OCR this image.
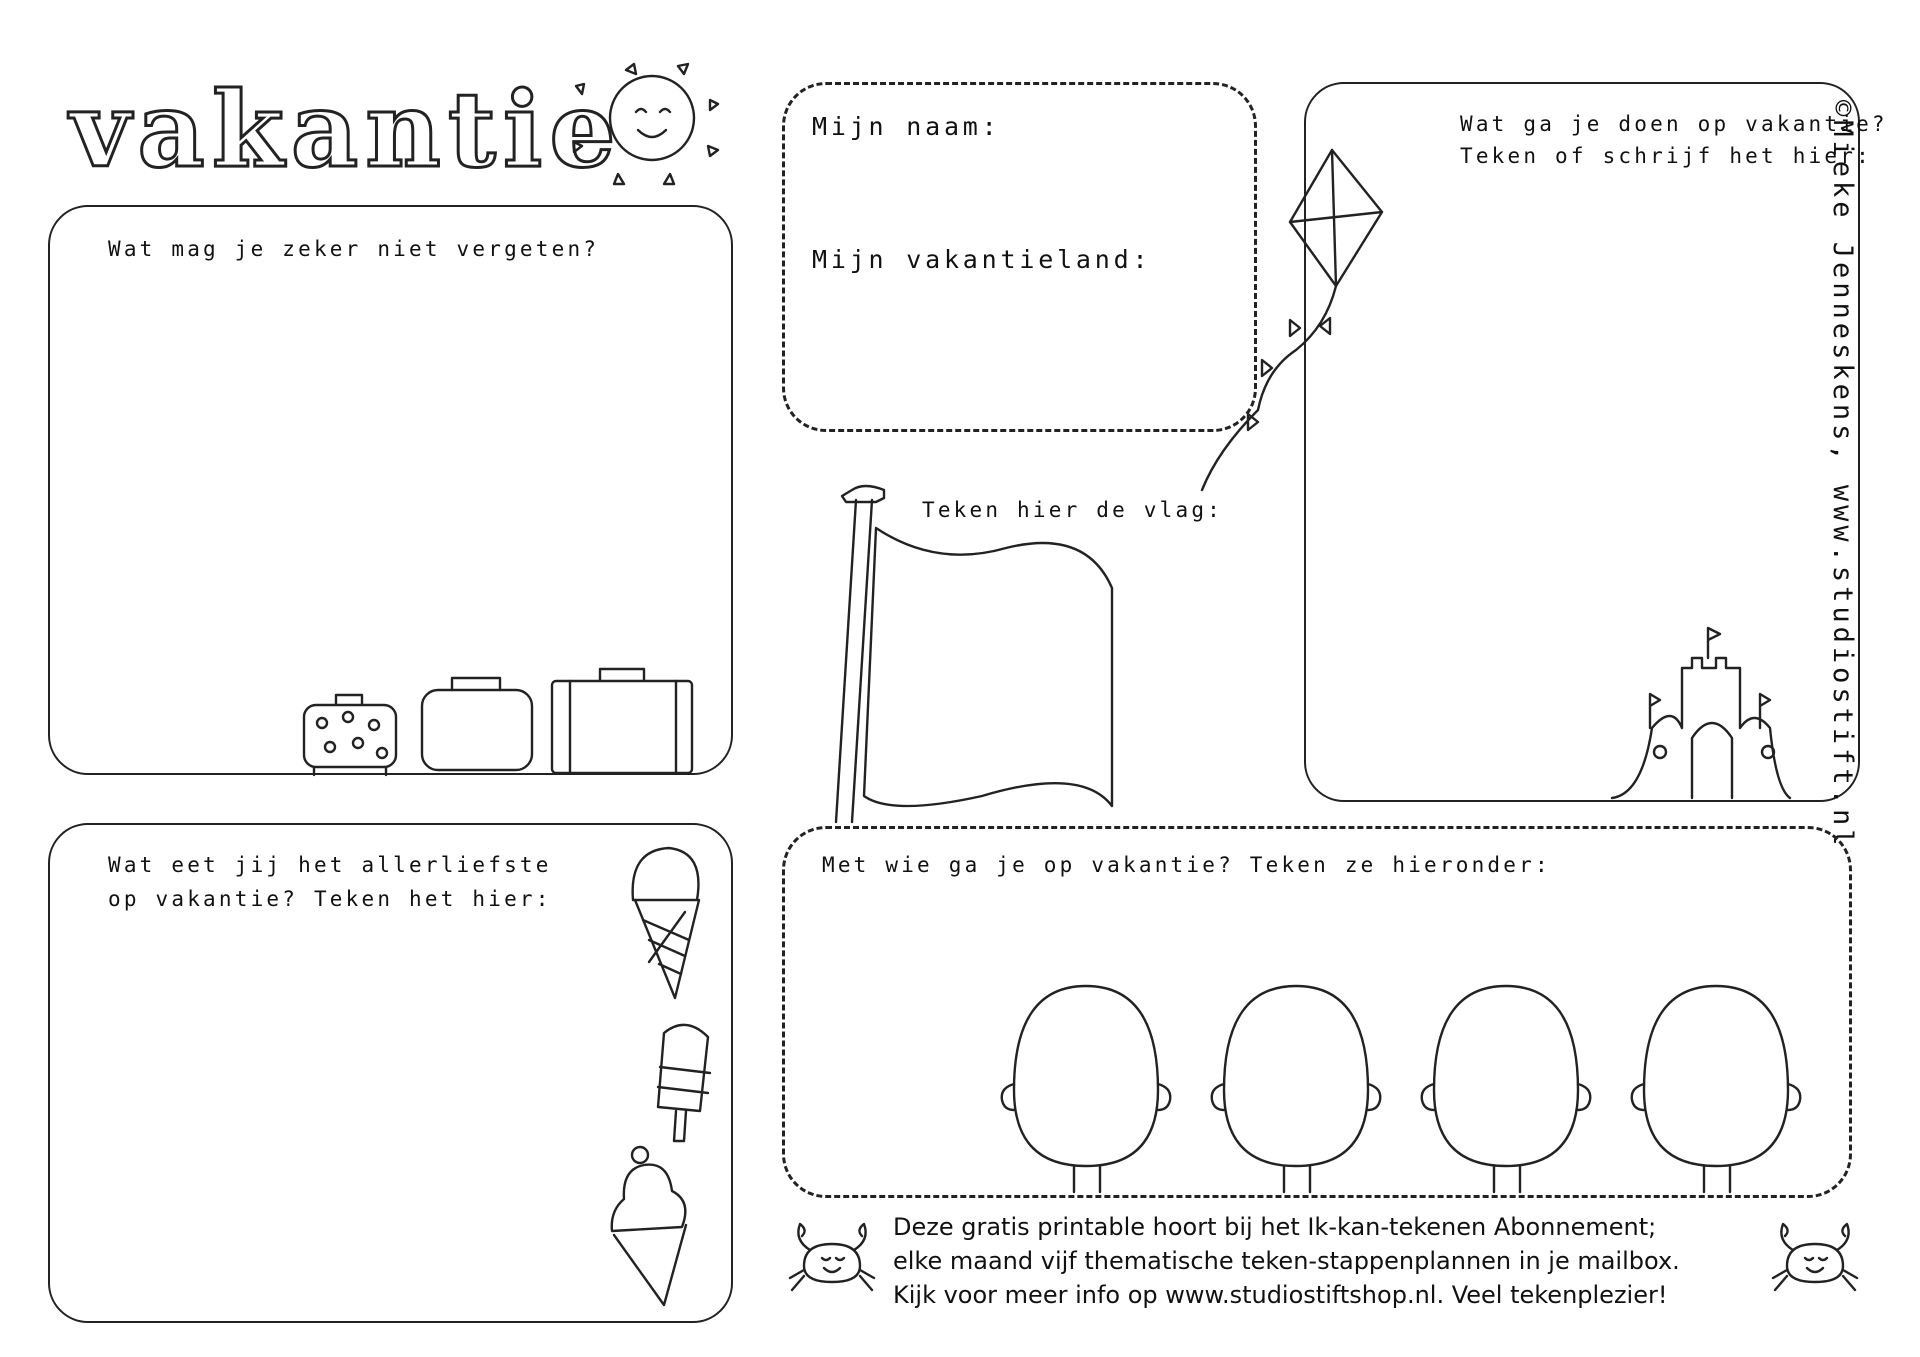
vakantie
Wat mag je zeker niet vergeten?
Wat eet jij het allerliefste
op vakantie? Teken het hier:
Mijn naam:
Mijn vakantieland:
Teken hier de vlag:
Wat ga je doen op vakantie?
Teken of schrijf het hier:
©Mieke Jenneskens, www.studiostift.nl
Met wie ga je op vakantie? Teken ze hieronder:
Deze gratis printable hoort bij het Ik-kan-tekenen Abonnement;
elke maand vijf thematische teken-stappenplannen in je mailbox.
Kijk voor meer info op www.studiostiftshop.nl. Veel tekenplezier!
